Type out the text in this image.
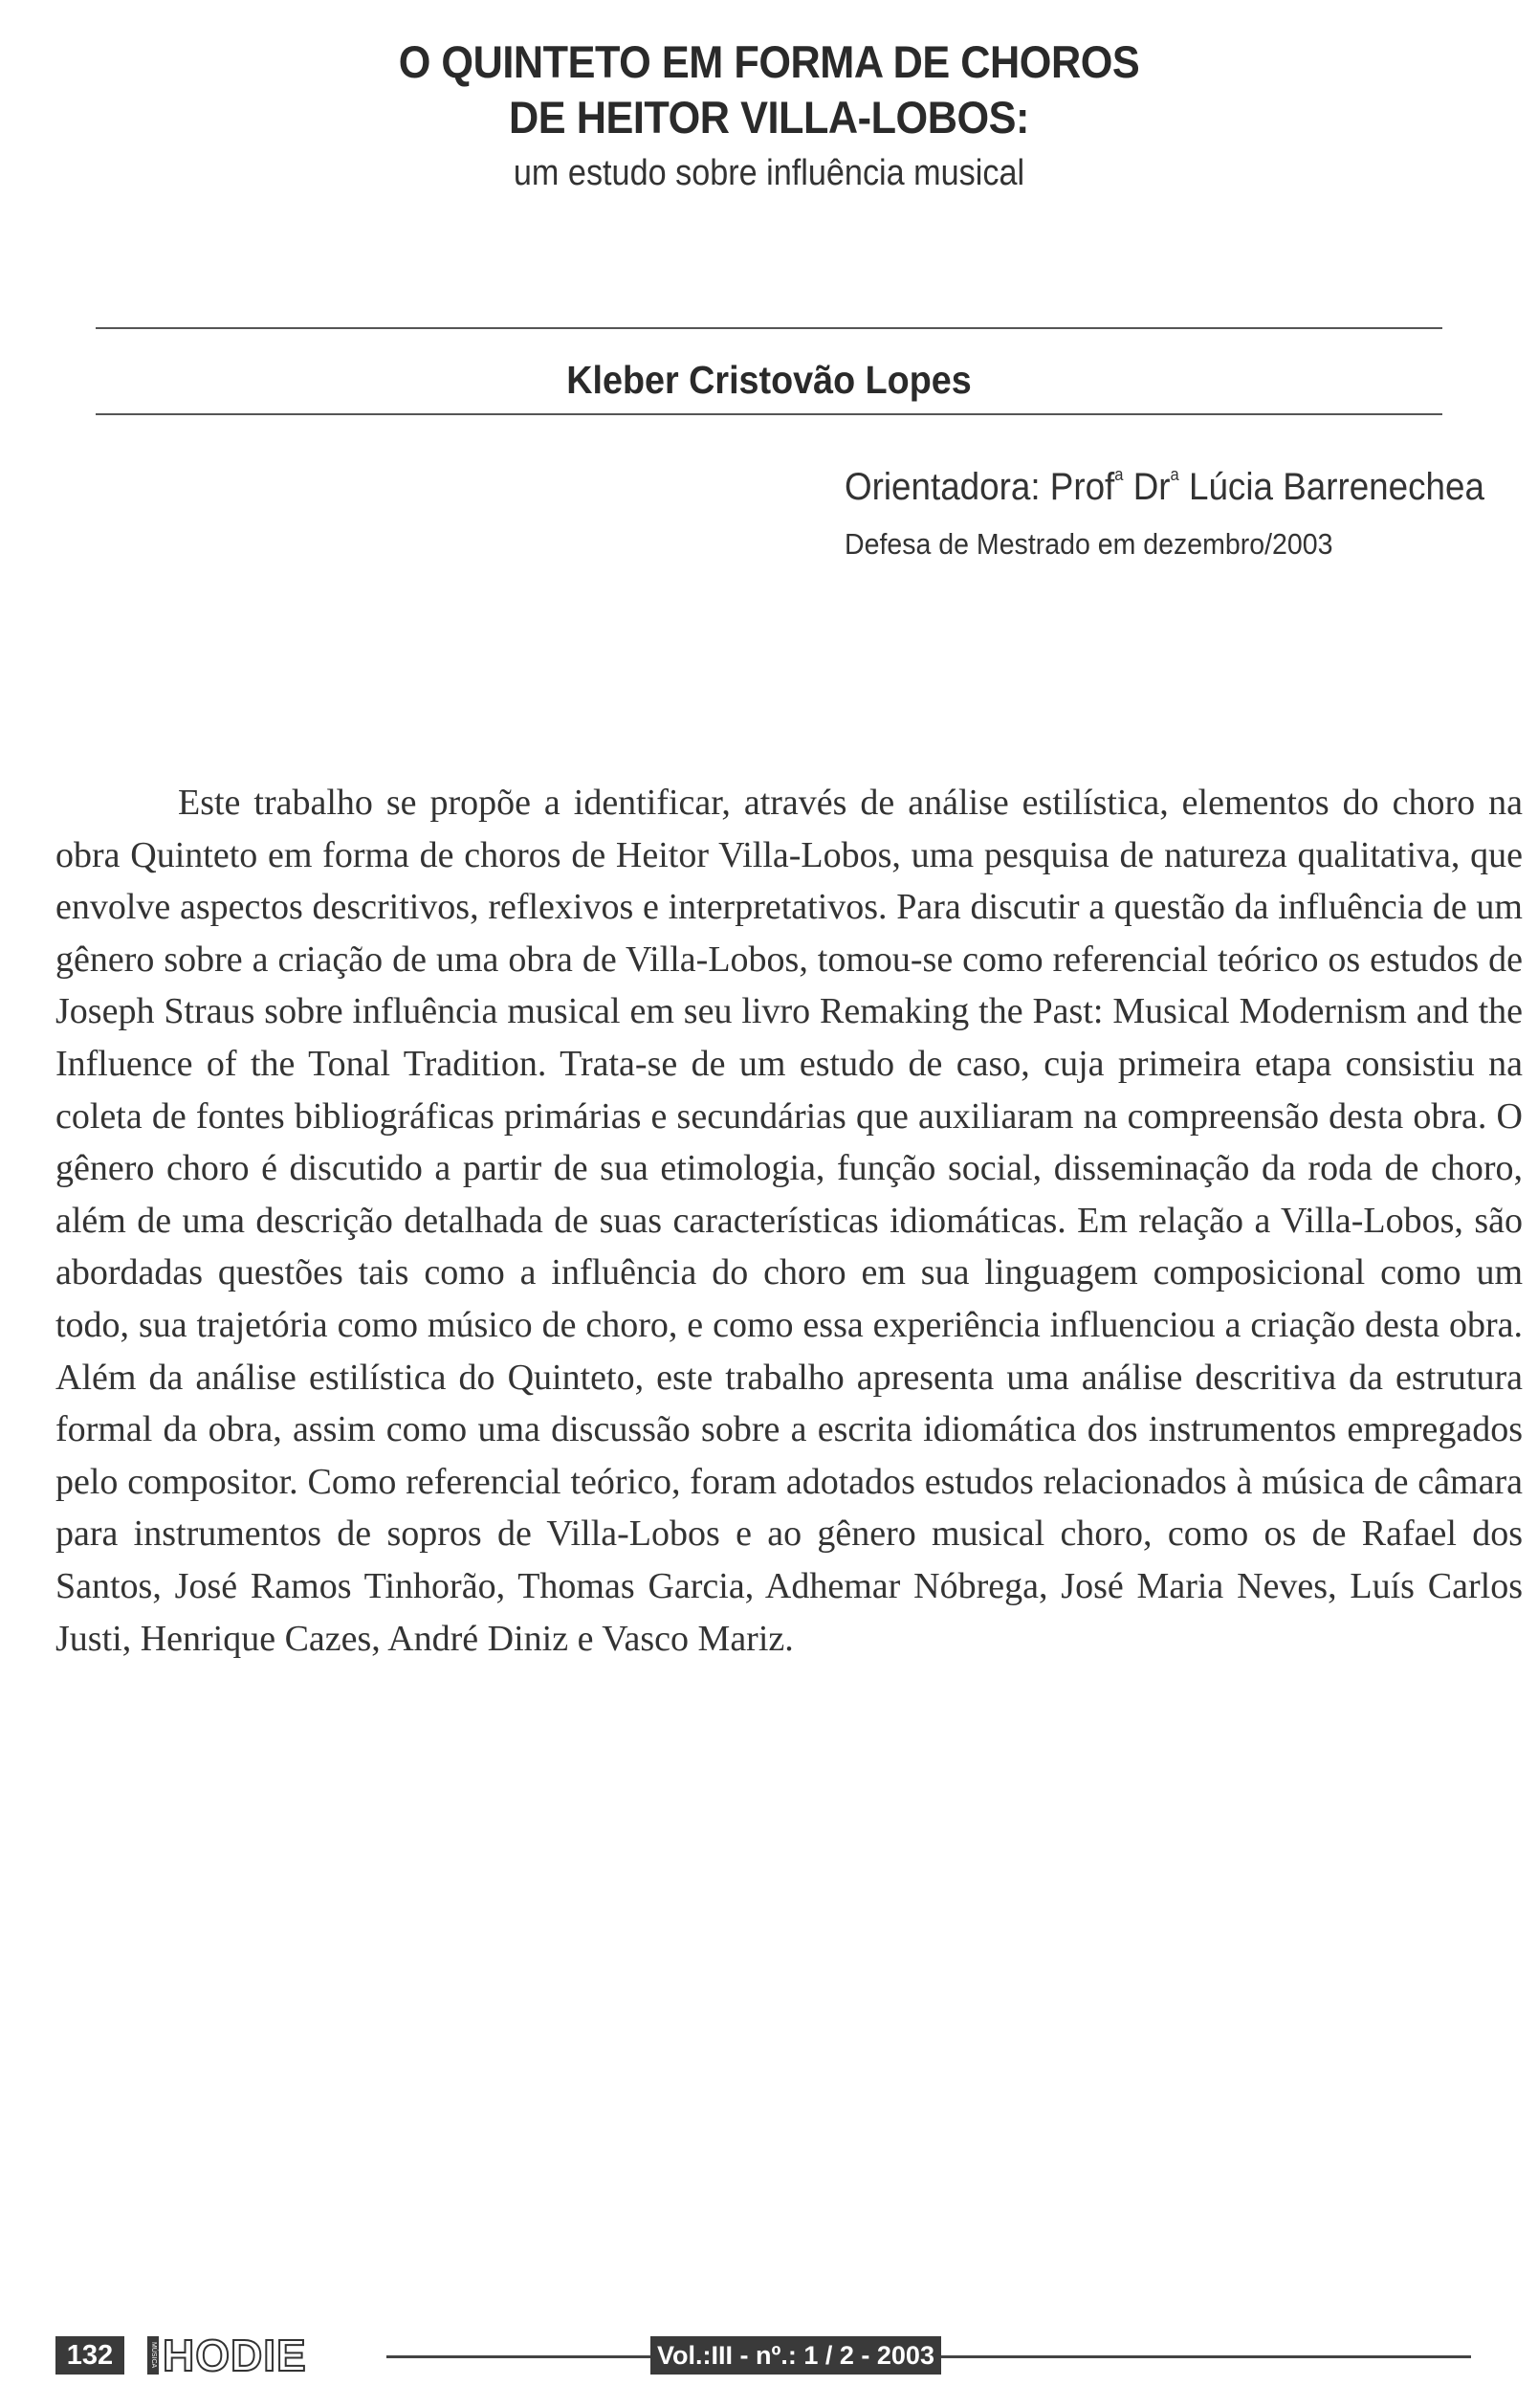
O QUINTETO EM FORMA DE CHOROS
DE HEITOR VILLA-LOBOS:
um estudo sobre influência musical
Kleber Cristovão Lopes
Orientadora: Prof$^a$ Dr$^a$ Lúcia Barrenechea
Defesa de Mestrado em dezembro/2003

Este trabalho se propõe a identificar, através de análise estilística, elementos do choro na obra Quinteto em forma de choros de Heitor Villa-Lobos, uma pesquisa de natureza qualitativa, que envolve aspectos descritivos, reflexivos e interpretativos. Para discutir a questão da influência de um gênero sobre a criação de uma obra de Villa-Lobos, tomou-se como referencial teórico os estudos de Joseph Straus sobre influência musical em seu livro Remaking the Past: Musical Modernism and the Influence of the Tonal Tradition. Trata-se de um estudo de caso, cuja primeira etapa consistiu na coleta de fontes bibliográficas primárias e secundárias que auxiliaram na compreensão desta obra. O gênero choro é discutido a partir de sua etimologia, função social, disseminação da roda de choro, além de uma descrição detalhada de suas características idiomáticas. Em relação a Villa-Lobos, são abordadas questões tais como a influência do choro em sua linguagem composicional como um todo, sua trajetória como músico de choro, e como essa experiência influenciou a criação desta obra. Além da análise estilística do Quinteto, este trabalho apresenta uma análise descritiva da estrutura formal da obra, assim como uma discussão sobre a escrita idiomática dos instrumentos empregados pelo compositor. Como referencial teórico, foram adotados estudos relacionados à música de câmara para instrumentos de sopros de Villa-Lobos e ao gênero musical choro, como os de Rafael dos Santos, José Ramos Tinhorão, Thomas Garcia, Adhemar Nóbrega, José Maria Neves, Luís Carlos Justi, Henrique Cazes, André Diniz e Vasco Mariz.

132	MÚSICA HODIE	Vol.:III - nº.: 1 / 2 - 2003
